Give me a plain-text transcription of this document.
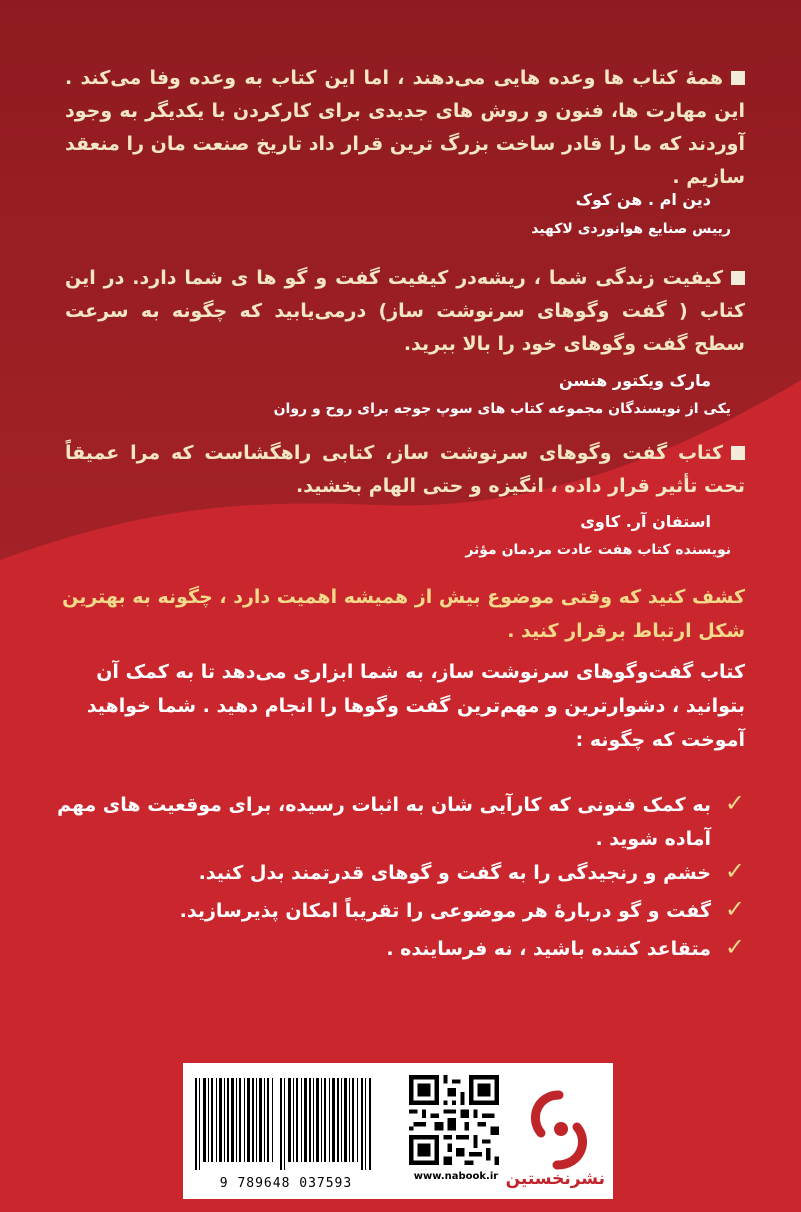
همهٔ کتاب ها وعده هایی می‌دهند ، اما این کتاب به وعده وفا می‌کند . این مهارت ها، فنون و روش های جدیدی برای کارکردن با یکدیگر به وجود آوردند که ما را قادر ساخت بزرگ ترین قرار داد تاریخ صنعت مان را منعقد سازیم .
دین ام . هن کوک
رییس صنایع هوانوردی لاکهید
کیفیت زندگی شما ، ریشه‌در کیفیت گفت و گو ها ی شما دارد. در این کتاب ( گفت وگوهای سرنوشت ساز) درمی‌یابید که چگونه به سرعت سطح گفت وگوهای خود را بالا ببرید.
مارک ویکتور هنسن
یکی از نویسندگان مجموعه کتاب های سوپ جوجه برای روح و روان
کتاب گفت وگوهای سرنوشت ساز، کتابی راهگشاست که مرا عمیقاً تحت تأثیر قرار داده ، انگیزه و حتی الهام بخشید.
استفان آر. کاوی
نویسنده کتاب هفت عادت مردمان مؤثر
کشف کنید که وقتی موضوع بیش از همیشه اهمیت دارد ، چگونه به بهترین شکل ارتباط برقرار کنید .
کتاب گفت‌وگوهای سرنوشت ساز، به شما ابزاری می‌دهد تا به کمک آن بتوانید ، دشوارترین و مهم‌ترین گفت وگوها را انجام دهید . شما خواهید آموخت که چگونه :
✓
به کمک فنونی که کارآیی شان به اثبات رسیده، برای موقعیت های مهم آماده شوید .
✓
خشم و رنجیدگی را به گفت و گوهای قدرتمند بدل کنید.
✓
گفت و گو دربارهٔ هر موضوعی را تقریباً امکان پذیرسازید.
✓
متقاعد کننده باشید ، نه فرساینده .
9 789648 037593	www.nabook.ir نشرنخستین
